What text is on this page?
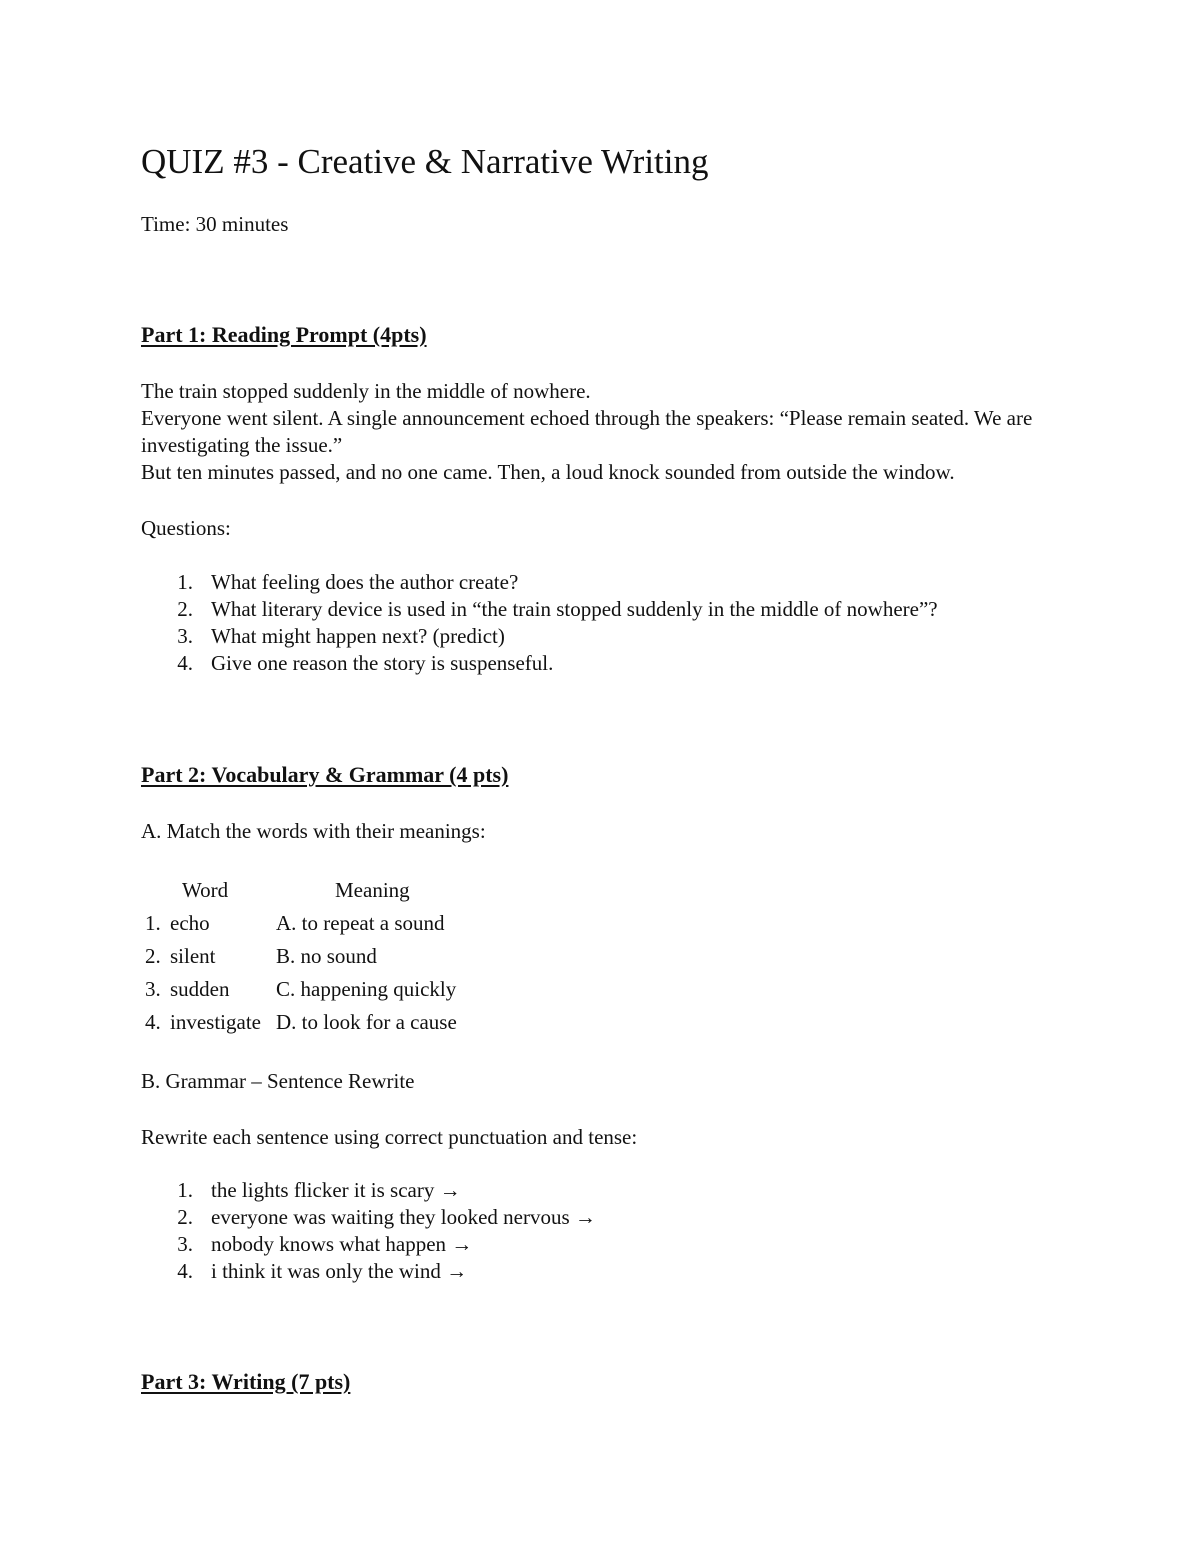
QUIZ #3 - Creative & Narrative Writing
Time: 30 minutes
Part 1: Reading Prompt (4pts)
The train stopped suddenly in the middle of nowhere.
Everyone went silent. A single announcement echoed through the speakers: “Please remain seated. We are investigating the issue.”
But ten minutes passed, and no one came. Then, a loud knock sounded from outside the window.
Questions:
1. What feeling does the author create?
2. What literary device is used in “the train stopped suddenly in the middle of nowhere”?
3. What might happen next? (predict)
4. Give one reason the story is suspenseful.
Part 2: Vocabulary & Grammar (4 pts)
A. Match the words with their meanings:
Word	Meaning
1. echo	A. to repeat a sound
2. silent	B. no sound
3. sudden C. happening quickly
4. investigate D. to look for a cause
B. Grammar – Sentence Rewrite
Rewrite each sentence using correct punctuation and tense:
1. the lights flicker it is scary →
2. everyone was waiting they looked nervous →
3. nobody knows what happen →
4. i think it was only the wind →
Part 3: Writing (7 pts)
